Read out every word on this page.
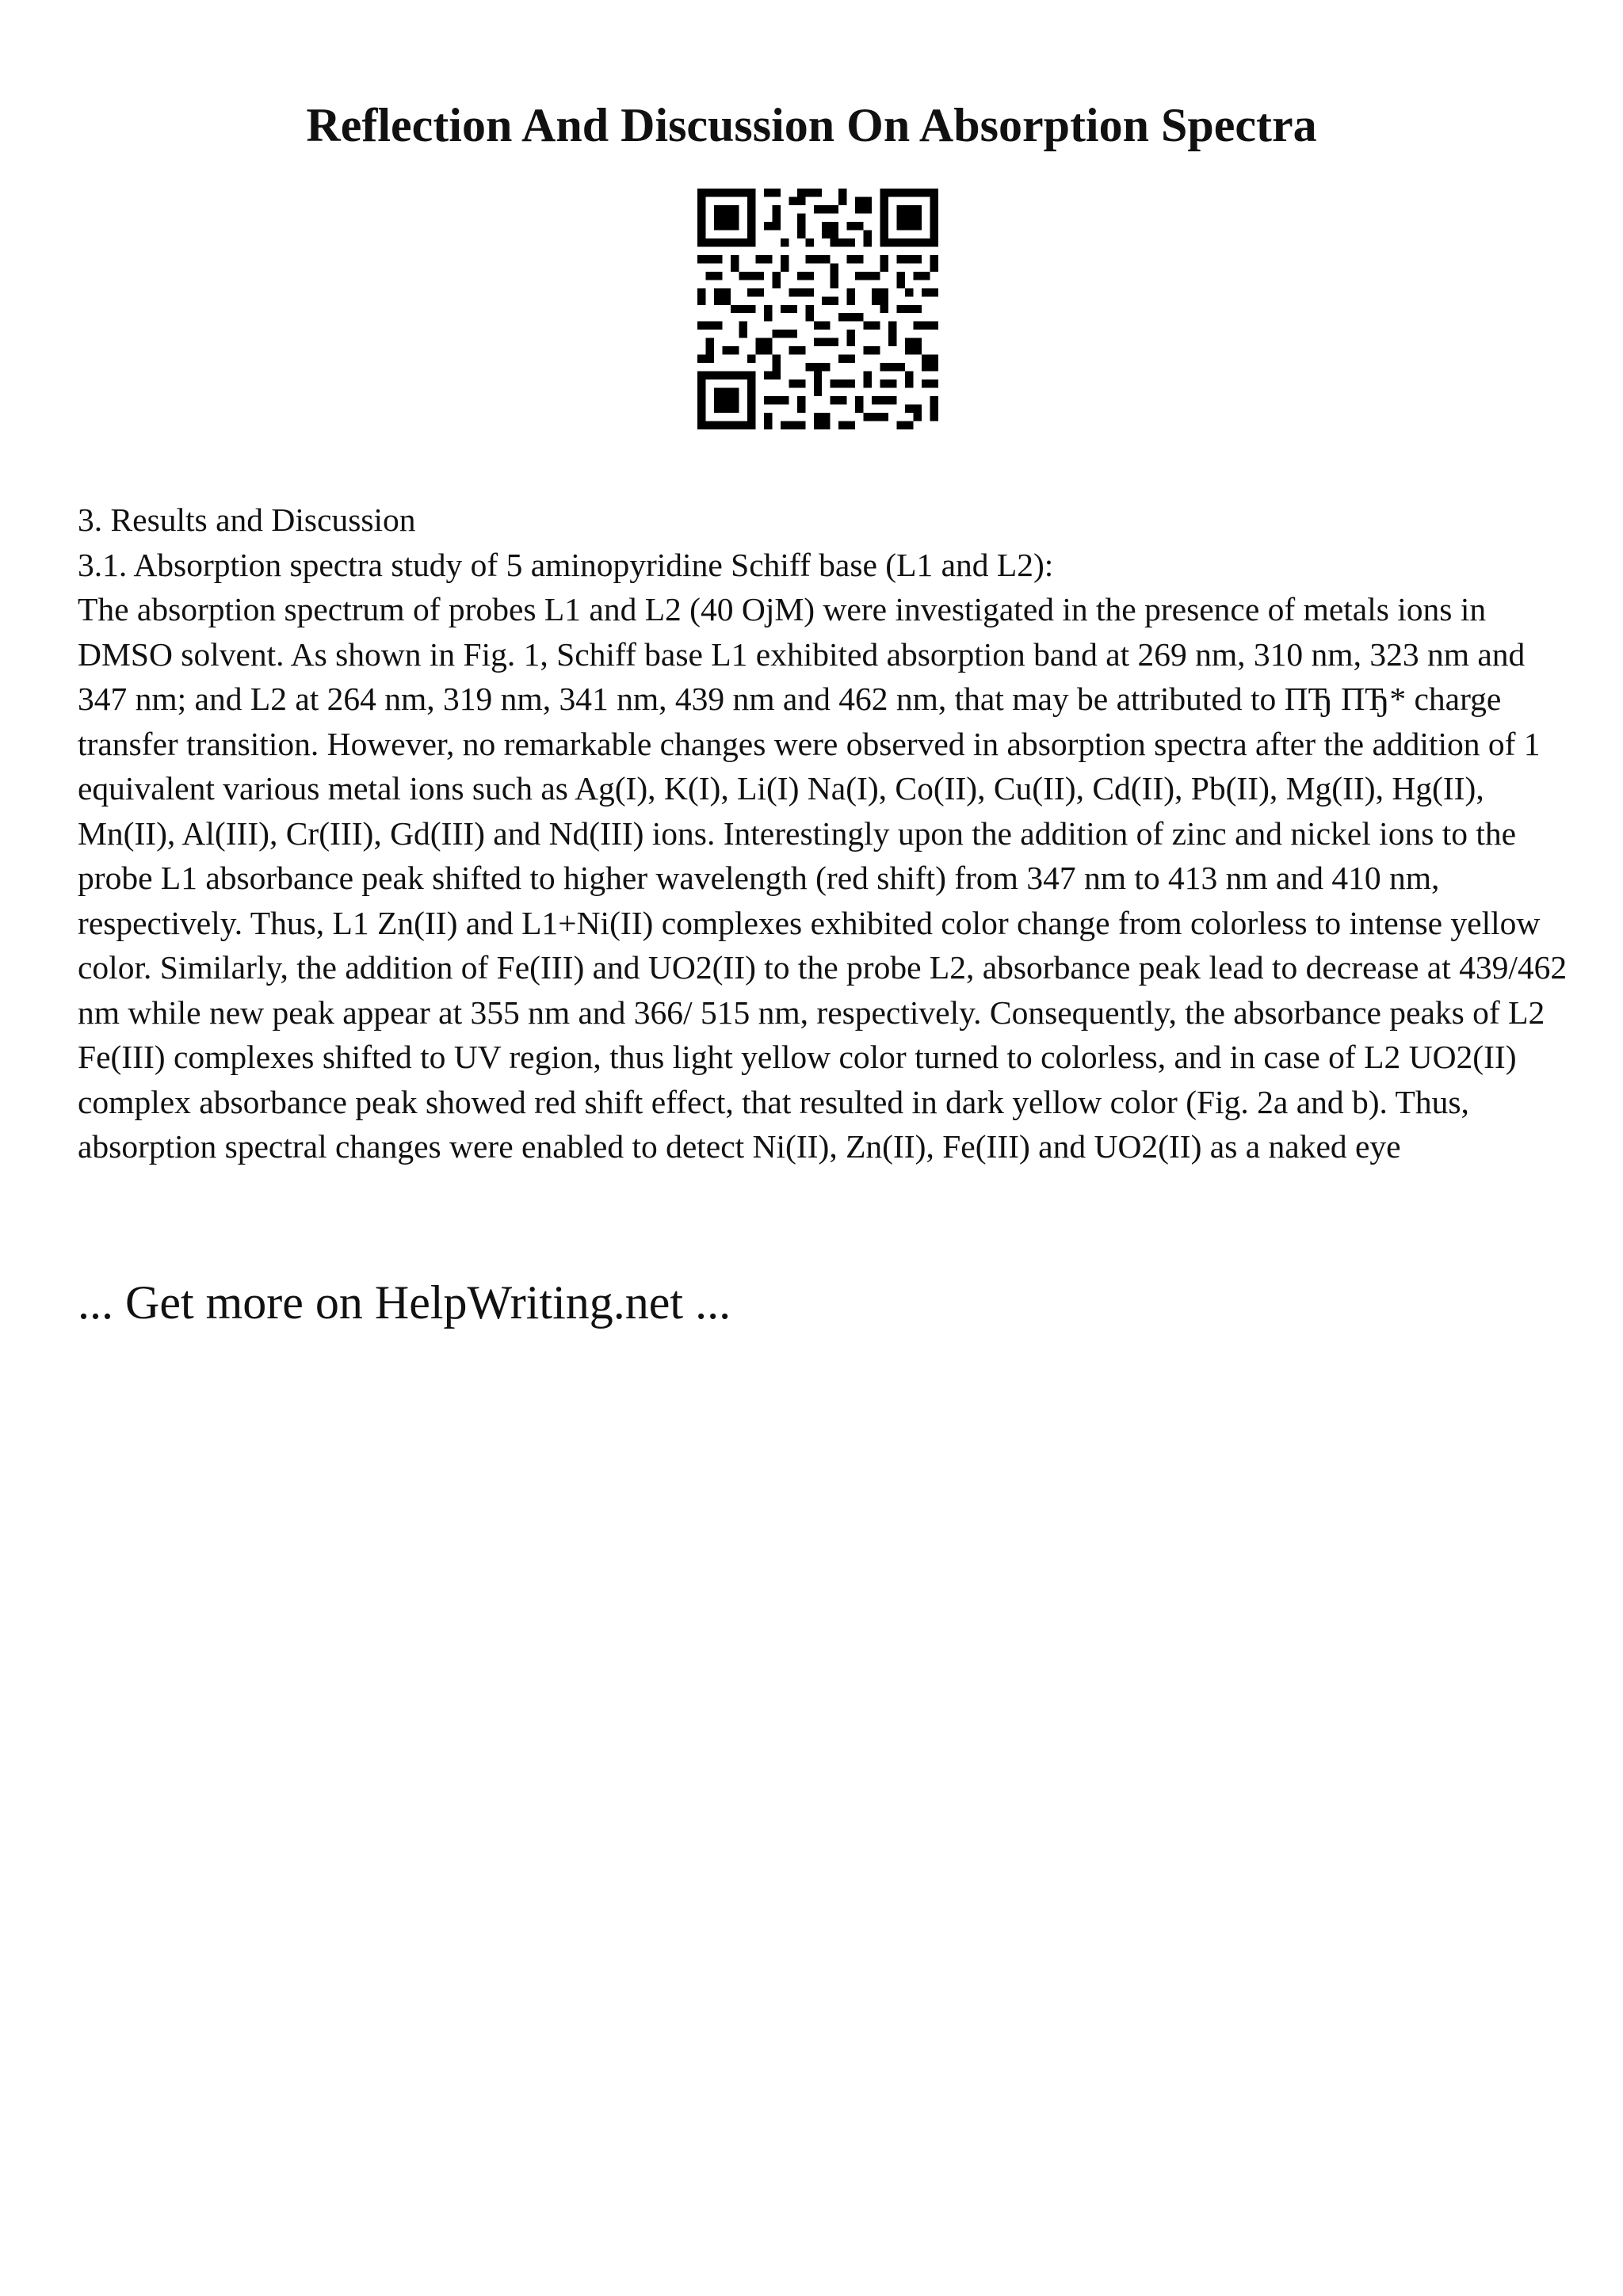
Reflection And Discussion On Absorption Spectra

3. Results and Discussion

3.1. Absorption spectra study of 5 aminopyridine Schiff base (L1 and L2):

The absorption spectrum of probes L1 and L2 (40 OjM) were investigated in the presence of metals ions in DMSO solvent. As shown in Fig. 1, Schiff base L1 exhibited absorption band at 269 nm, 310 nm, 323 nm and 347 nm; and L2 at 264 nm, 319 nm, 341 nm, 439 nm and 462 nm, that may be attributed to ПЂ ПЂ* charge transfer transition. However, no remarkable changes were observed in absorption spectra after the addition of 1 equivalent various metal ions such as Ag(I), K(I), Li(I) Na(I), Co(II), Cu(II), Cd(II), Pb(II), Mg(II), Hg(II), Mn(II), Al(III), Cr(III), Gd(III) and Nd(III) ions. Interestingly upon the addition of zinc and nickel ions to the probe L1 absorbance peak shifted to higher wavelength (red shift) from 347 nm to 413 nm and 410 nm, respectively. Thus, L1 Zn(II) and L1+Ni(II) complexes exhibited color change from colorless to intense yellow color. Similarly, the addition of Fe(III) and UO2(II) to the probe L2, absorbance peak lead to decrease at 439/462 nm while new peak appear at 355 nm and 366/ 515 nm, respectively. Consequently, the absorbance peaks of L2 Fe(III) complexes shifted to UV region, thus light yellow color turned to colorless, and in case of L2 UO2(II) complex absorbance peak showed red shift effect, that resulted in dark yellow color (Fig. 2a and b). Thus, absorption spectral changes were enabled to detect Ni(II), Zn(II), Fe(III) and UO2(II) as a naked eye

... Get more on HelpWriting.net ...
